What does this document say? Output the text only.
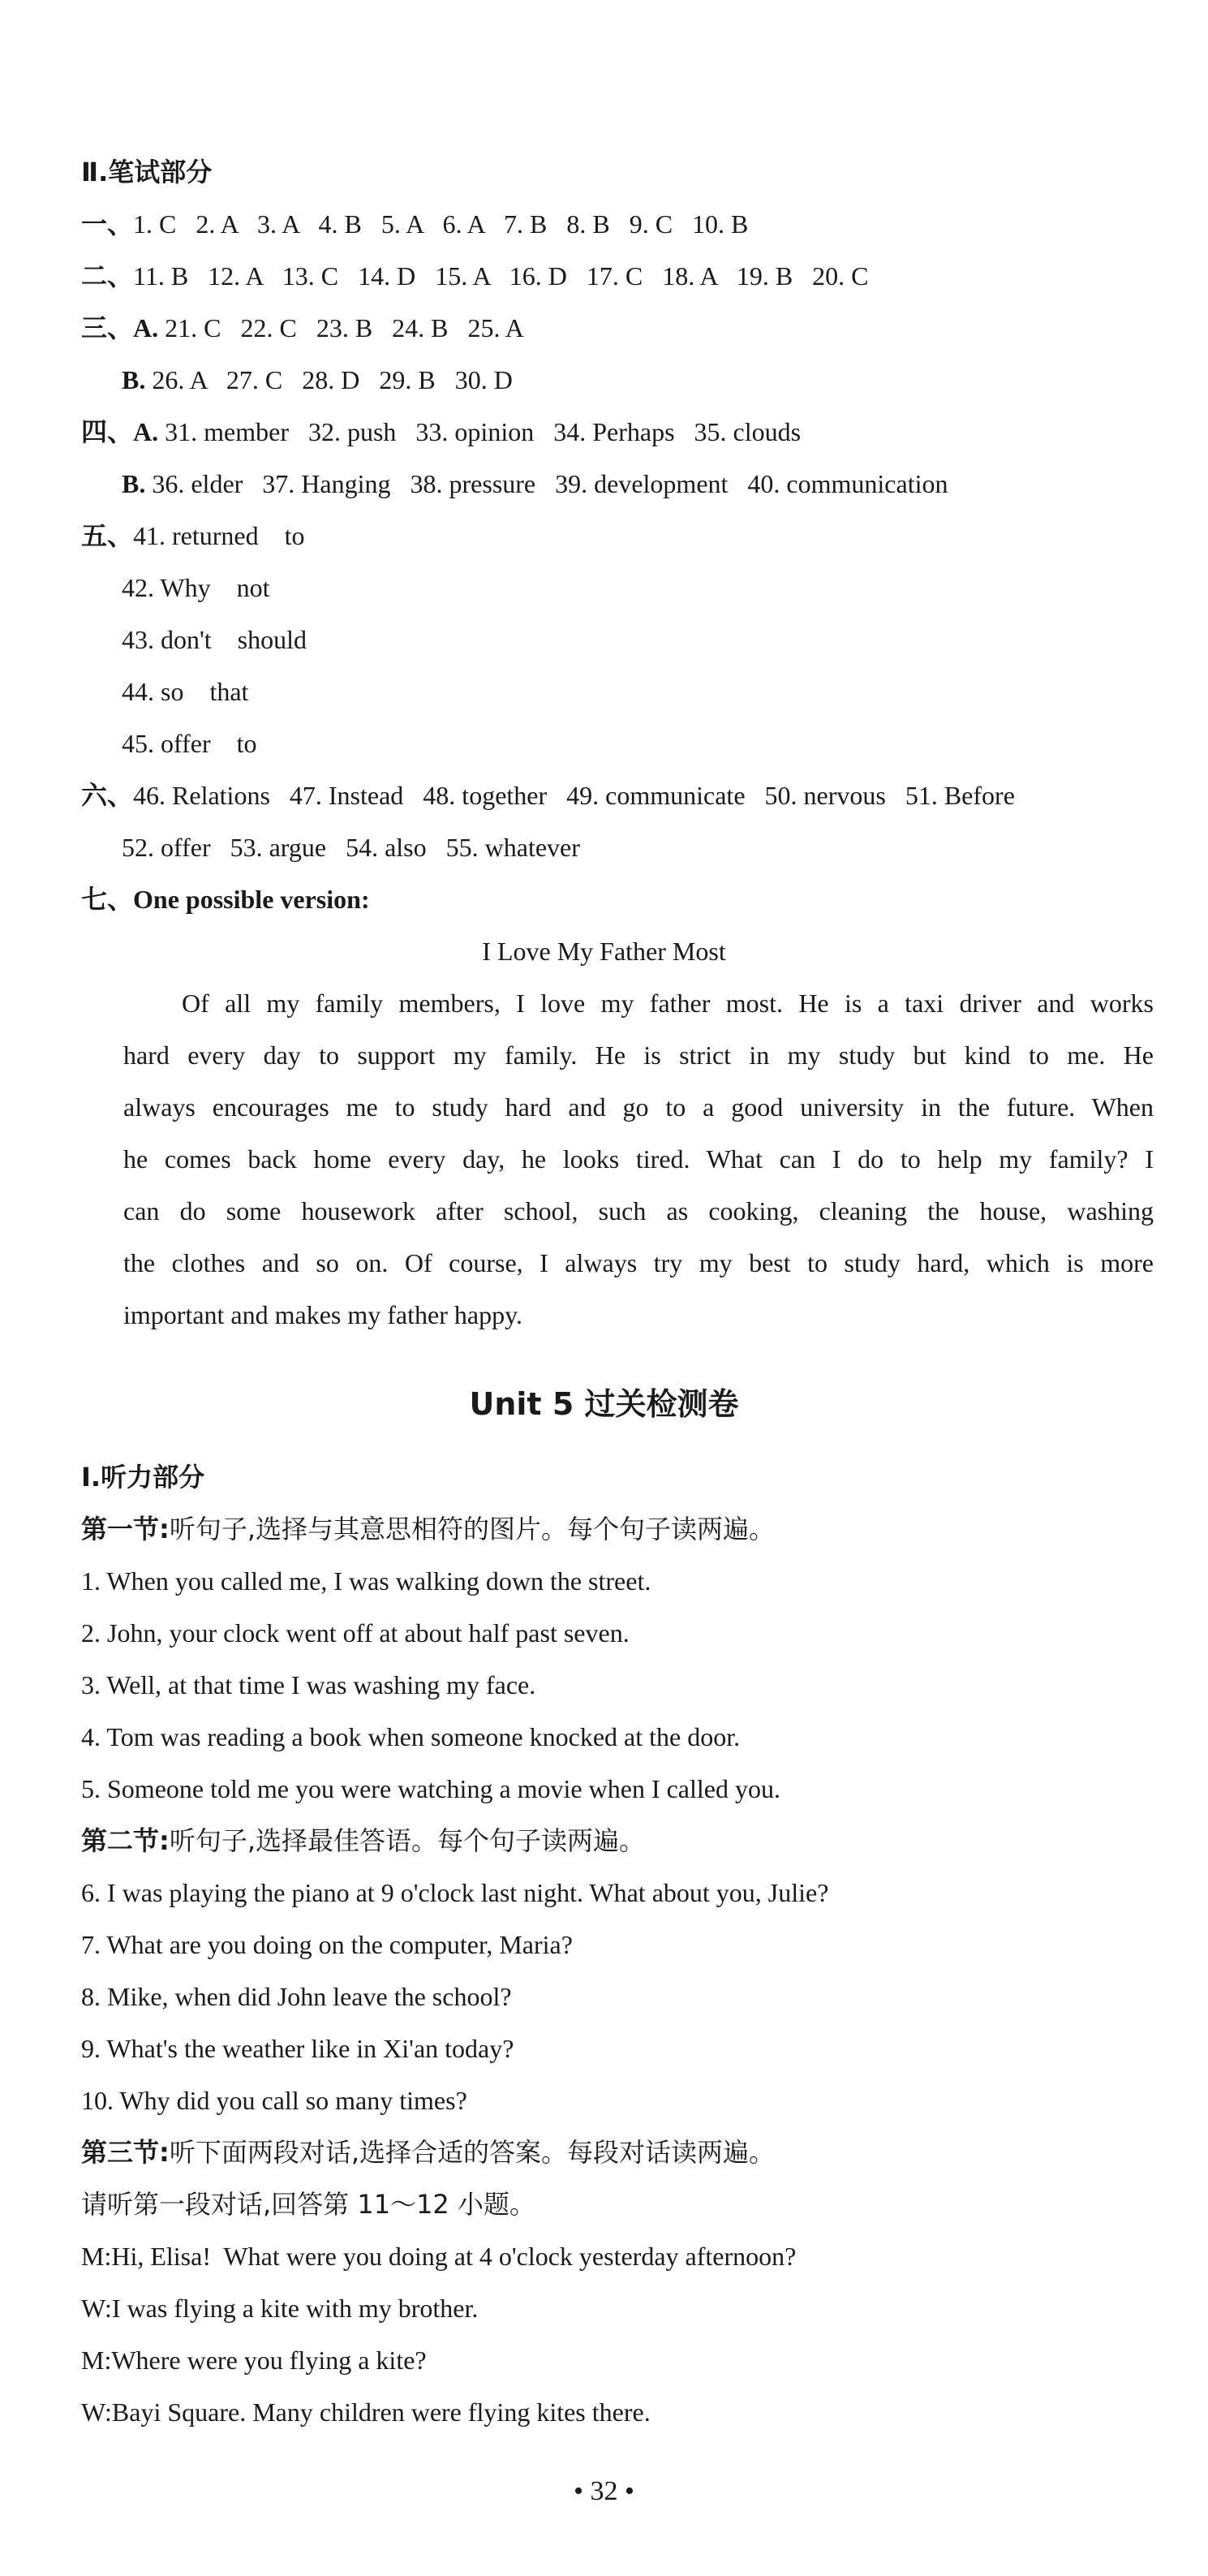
Ⅱ.笔试部分
一、1. C   2. A   3. A   4. B   5. A   6. A   7. B   8. B   9. C   10. B
二、11. B   12. A   13. C   14. D   15. A   16. D   17. C   18. A   19. B   20. C
三、A. 21. C   22. C   23. B   24. B   25. A
B. 26. A   27. C   28. D   29. B   30. D
四、A. 31. member   32. push   33. opinion   34. Perhaps   35. clouds
B. 36. elder   37. Hanging   38. pressure   39. development   40. communication
五、41. returned    to
42. Why    not
43. don't    should
44. so    that
45. offer    to
六、46. Relations   47. Instead   48. together   49. communicate   50. nervous   51. Before
52. offer   53. argue   54. also   55. whatever
七、One possible version:
I Love My Father Most
Of all my family members, I love my father most. He is a taxi driver and works
hard every day to support my family. He is strict in my study but kind to me. He
always encourages me to study hard and go to a good university in the future. When
he comes back home every day, he looks tired. What can I do to help my family? I
can do some housework after school, such as cooking, cleaning the house, washing
the clothes and so on. Of course, I always try my best to study hard, which is more
important and makes my father happy.
Unit 5 过关检测卷
Ⅰ.听力部分
第一节:听句子,选择与其意思相符的图片。每个句子读两遍。
1. When you called me, I was walking down the street.
2. John, your clock went off at about half past seven.
3. Well, at that time I was washing my face.
4. Tom was reading a book when someone knocked at the door.
5. Someone told me you were watching a movie when I called you.
第二节:听句子,选择最佳答语。每个句子读两遍。
6. I was playing the piano at 9 o'clock last night. What about you, Julie?
7. What are you doing on the computer, Maria?
8. Mike, when did John leave the school?
9. What's the weather like in Xi'an today?
10. Why did you call so many times?
第三节:听下面两段对话,选择合适的答案。每段对话读两遍。
请听第一段对话,回答第 11～12 小题。
M:Hi, Elisa!  What were you doing at 4 o'clock yesterday afternoon?
W:I was flying a kite with my brother.
M:Where were you flying a kite?
W:Bayi Square. Many children were flying kites there.
• 32 •
